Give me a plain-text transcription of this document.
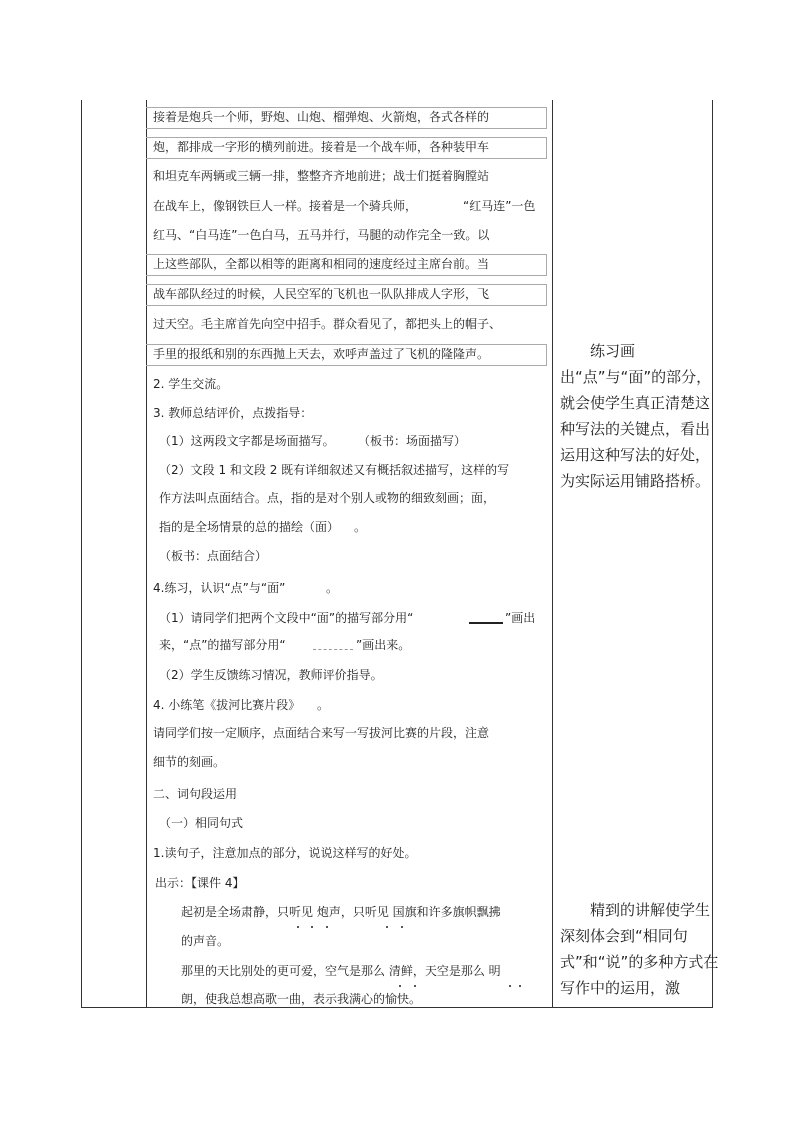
接着是炮兵一个师，野炮、山炮、榴弹炮、火箭炮，各式各样的
炮，都排成一字形的横列前进。接着是一个战车师，各种装甲车
和坦克车两辆或三辆一排，整整齐齐地前进；战士们挺着胸膛站
在战车上，像钢铁巨人一样。接着是一个骑兵师，	“红马连”一色
红马、“白马连”一色白马，五马并行，马腿的动作完全一致。以
上这些部队，全都以相等的距离和相同的速度经过主席台前。当
战车部队经过的时候，人民空军的飞机也一队队排成人字形，飞
过天空。毛主席首先向空中招手。群众看见了，都把头上的帽子、
手里的报纸和别的东西抛上天去，欢呼声盖过了飞机的隆隆声。
2. 学生交流。
3. 教师总结评价，点拨指导：
（1）这两段文字都是场面描写。 （板书：场面描写）
（2）文段 1 和文段 2 既有详细叙述又有概括叙述描写，这样的写
作方法叫点面结合。点，指的是对个别人或物的细致刻画；面，
指的是全场情景的总的描绘（面） 。
（板书：点面结合）
4.练习，认识“点”与“面”	。
（1）请同学们把两个文段中“面”的描写部分用“	”画出
来，“点”的描写部分用“	”画出来。
（2）学生反馈练习情况，教师评价指导。
4. 小练笔《拔河比赛片段》 。
请同学们按一定顺序，点面结合来写一写拔河比赛的片段，注意
细节的刻画。
二、词句段运用
（一）相同句式
1.读句子，注意加点的部分，说说这样写的好处。
出示：【课件 4】
起初是全场肃静，只听见 炮声，只听见 国旗和许多旗帜飘拂
的声音。
那里的天比别处的更可爱，空气是那么 清鲜，天空是那么 明
朗，使我总想高歌一曲，表示我满心的愉快。
练习画出“点”与“面”的部分，就会使学生真正清楚这种写法的关键点，看出运用这种写法的好处，为实际运用铺路搭桥。
精到的讲解使学生深刻体会到“相同句式”和“说”的多种方式在写作中的运用，激
